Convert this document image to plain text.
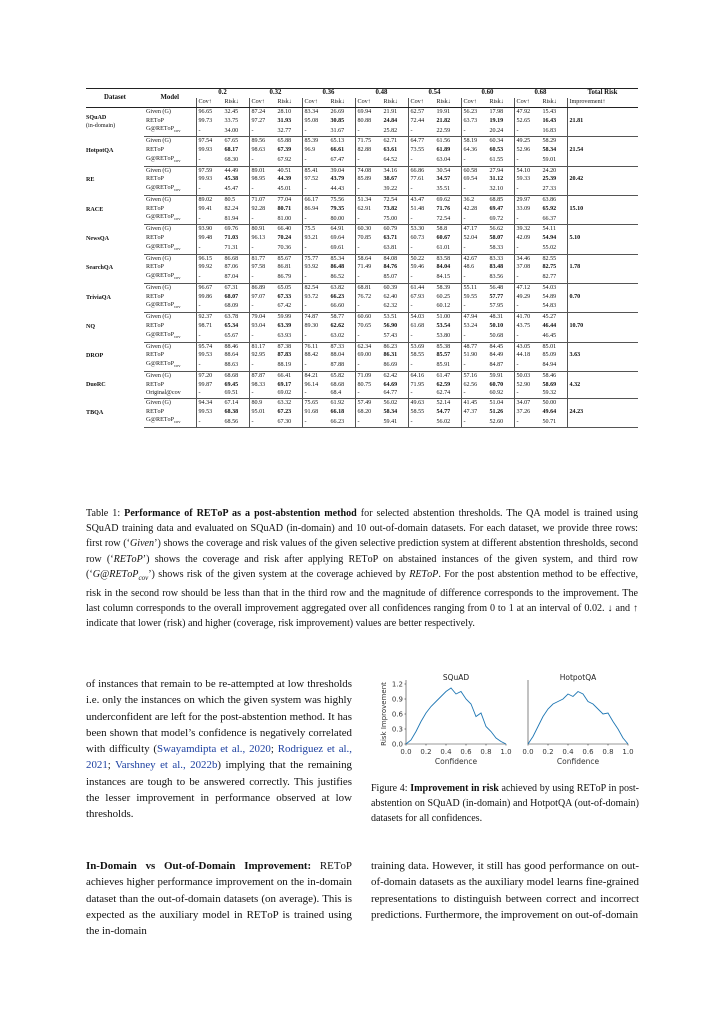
Dataset	Model	0.2		0.32		0.36		0.48		0.54		0.60		0.68		Total Risk
		Cov↑	Risk↓	Cov↑	Risk↓	Cov↑	Risk↓	Cov↑	Risk↓	Cov↑	Risk↓	Cov↑	Risk↓	Cov↑	Risk↓	Improvement↑

SQuAD
(in-domain)	Given (G)	96.65	32.45	87.24	28.10	83.34	26.69	69.94	21.91	62.57	19.91	56.23	17.98	47.92	15.43	
	RETоP	99.73	33.75	97.27	31.93	95.08	30.85	80.88	24.84	72.44	21.82	63.73	19.19	52.65	16.43	21.81
	G@RETоP$_{cov}$	-	34.00	-	32.77	-	31.67	-	25.82	-	22.59	-	20.24	-	16.83	

HotpotQA	Given (G)	97.54	67.65	89.56	65.88	85.39	65.13	71.75	62.71	64.77	61.56	58.19	60.34	49.25	58.29	
	RETоP	99.93	68.17	98.63	67.39	96.9	66.61	82.88	63.61	73.55	61.89	64.36	60.53	52.96	58.34	21.54
	G@RETоP$_{cov}$	-	68.30	-	67.92	-	67.47	-	64.52	-	63.04	-	61.55	-	59.01	

RE	Given (G)	97.59	44.49	89.01	40.51	85.41	39.04	74.08	34.16	66.86	30.54	60.58	27.94	54.10	24.20	
	RETоP	99.93	45.38	98.95	44.39	97.52	43.79	85.89	38.67	77.61	34.57	69.54	31.12	59.33	25.39	20.42
	G@RETоP$_{cov}$	-	45.47	-	45.01	-	44.43	-	39.22	-	35.51	-	32.10	-	27.33	

RACE	Given (G)	89.02	80.5	71.07	77.04	66.17	75.56	51.34	72.54	43.47	69.62	36.2	68.85	29.97	63.86	
	RETоP	99.41	82.24	92.28	80.71	86.94	79.35	62.91	73.82	51.48	71.76	42.28	69.47	33.09	65.92	15.10
	G@RETоP$_{cov}$	-	81.94	-	81.00	-	80.00	-	75.00	-	72.54	-	69.72	-	66.37	

NewsQA	Given (G)	93.90	69.76	80.91	66.40	75.5	64.91	60.30	60.79	53.30	58.8	47.17	56.62	39.32	54.11	
	RETоP	99.48	71.03	96.13	70.24	93.21	69.64	70.85	63.71	60.73	60.67	52.04	58.07	42.09	54.94	5.10
	G@RETоP$_{cov}$	-	71.31	-	70.36	-	69.61	-	63.81	-	61.01	-	58.33	-	55.02	

SearchQA	Given (G)	96.15	86.68	81.77	85.67	75.77	85.34	58.64	84.08	50.22	83.58	42.67	83.33	34.46	82.55	
	RETоP	99.92	87.06	97.58	86.81	93.92	86.48	71.49	84.76	59.46	84.04	48.6	83.48	37.08	82.75	1.78
	G@RETоP$_{cov}$	-	87.04	-	86.79	-	86.52	-	85.07	-	84.15	-	83.56	-	82.77	

TriviaQA	Given (G)	96.67	67.31	86.89	65.05	82.54	63.82	68.81	60.39	61.44	58.39	55.11	56.48	47.12	54.03	
	RETоP	99.86	68.07	97.07	67.33	93.72	66.23	76.72	62.40	67.93	60.25	59.55	57.77	49.29	54.89	0.70
	G@RETоP$_{cov}$	-	68.09	-	67.42	-	66.60	-	62.32	-	60.12	-	57.95	-	54.83	

NQ	Given (G)	92.37	63.78	79.04	59.99	74.87	58.77	60.60	53.51	54.03	51.00	47.94	48.31	41.70	45.27	
	RETоP	98.71	65.34	93.04	63.39	89.30	62.62	70.65	56.90	61.68	53.54	53.24	50.10	43.75	46.44	10.70
	G@RETоP$_{cov}$	-	65.67	-	63.93	-	63.02	-	57.43	-	53.80	-	50.68	-	46.45	

DROP	Given (G)	95.74	88.46	81.17	87.38	76.11	87.33	62.34	86.23	53.69	85.38	48.77	84.45	43.05	85.01	
	RETоP	99.53	88.64	92.95	87.83	88.42	88.04	69.00	86.31	58.55	85.57	51.90	84.49	44.18	85.09	3.63
	G@RETоP$_{cov}$	-	88.63	-	88.19	-	87.88	-	86.69	-	85.91	-	84.87	-	84.94	

DuoRC	Given (G)	97.20	68.68	87.87	66.41	84.21	65.82	71.09	62.42	64.16	61.47	57.16	59.91	50.03	58.46	
	RETоP	99.87	69.45	98.33	69.17	96.14	68.68	80.75	64.69	71.95	62.59	62.56	60.70	52.90	58.69	4.32
	Original@cov	-	69.51	-	69.02	-	68.4	-	64.77	-	62.74	-	60.92	-	59.32	

TBQA	Given (G)	94.34	67.14	80.9	63.32	75.65	61.92	57.49	56.02	49.63	52.14	41.45	51.04	34.07	50.00	
	RETоP	99.53	68.38	95.01	67.23	91.68	66.18	68.20	58.34	58.55	54.77	47.37	51.26	37.26	49.64	24.23
	G@RETоP$_{cov}$	-	68.56	-	67.30	-	66.23	-	59.41	-	56.02	-	52.60	-	50.71	
Table 1: Performance of RETоP as a post-abstention method for selected abstention thresholds. The QA model is trained using SQuAD training data and evaluated on SQuAD (in-domain) and 10 out-of-domain datasets. For each dataset, we provide three rows: first row (‘Given’) shows the coverage and risk values of the given selective prediction system at different abstention thresholds, second row (‘RETоP’) shows the coverage and risk after applying RETоP on abstained instances of the given system, and third row (‘G@RETоP$_{cov}$’) shows risk of the given system at the coverage achieved by RETоP. For the post abstention method to be effective, risk in the second row should be less than that in the third row and the magnitude of difference corresponds to the improvement. The last column corresponds to the overall improvement aggregated over all confidences ranging from 0 to 1 at an interval of 0.02. ↓ and ↑ indicate that lower (risk) and higher (coverage, risk improvement) values are better respectively.
of instances that remain to be re-attempted at low thresholds i.e. only the instances on which the given system was highly underconfident are left for the post-abstention method. It has been shown that model’s confidence is negatively correlated with difficulty (Swayamdipta et al., 2020; Rodriguez et al., 2021; Varshney et al., 2022b) implying that the remaining instances are tough to be answered correctly. This justifies the lesser improvement in performance observed at low thresholds.
Risk Improvement 0.0
0.3
0.6
0.9
1.2
SQuAD
0.0 0.2 0.4 0.6 0.8 1.0
Confidence
HotpotQA
0.0 0.2 0.4 0.6 0.8 1.0
Confidence
Figure 4: Improvement in risk achieved by using RETоP in post-abstention on SQuAD (in-domain) and HotpotQA (out-of-domain) datasets for all confidences.
In-Domain vs Out-of-Domain Improvement: RETоP achieves higher performance improvement on the in-domain dataset than the out-of-domain datasets (on average). This is expected as the auxiliary model in RETоP is trained using the in-domain
training data. However, it still has good performance on out-of-domain datasets as the auxiliary model learns fine-grained representations to distinguish between correct and incorrect predictions. Furthermore, the improvement on out-of-domain
